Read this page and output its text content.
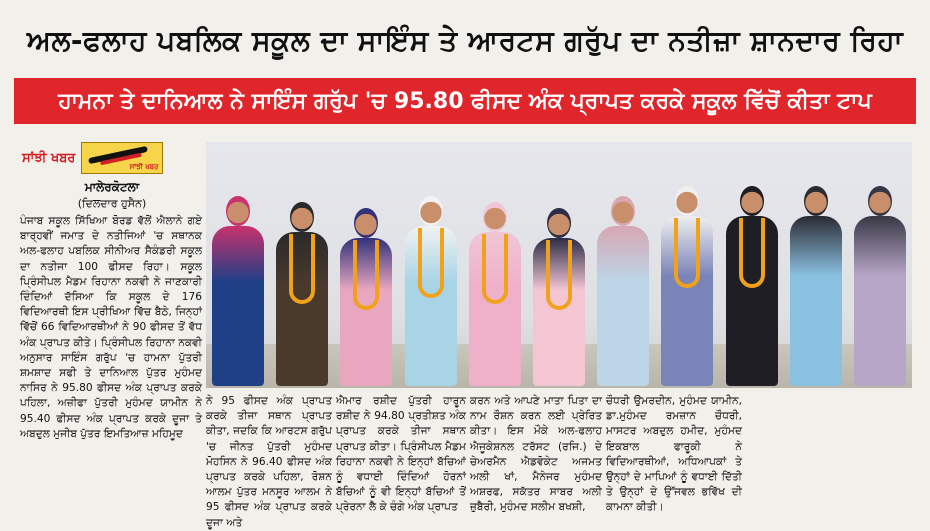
ਅਲ-ਫਲਾਹ ਪਬਲਿਕ ਸਕੂਲ ਦਾ ਸਾਇੰਸ ਤੇ ਆਰਟਸ ਗਰੁੱਪ ਦਾ ਨਤੀਜ਼ਾ ਸ਼ਾਨਦਾਰ ਰਿਹਾ
ਹਾਮਨਾ ਤੇ ਦਾਨਿਆਲ ਨੇ ਸਾਇੰਸ ਗਰੁੱਪ 'ਚ 95.80 ਫੀਸਦ ਅੰਕ ਪ੍ਰਾਪਤ ਕਰਕੇ ਸਕੂਲ ਵਿੱਚੋਂ ਕੀਤਾ ਟਾਪ
ਸਾਂਝੀ ਖਬਰ
ਸਾਂਝੀ ਖਬਰ
ਮਾਲੇਰਕੋਟਲਾ
(ਦਿਲਦਾਰ ਹੁਸੈਨ)
ਪੰਜਾਬ ਸਕੂਲ ਸਿੱਖਿਆ ਬੋਰਡ ਵੱਲੋਂ ਐਲਾਨੇ ਗਏ ਬਾਰ੍ਹਵੀਂ ਜਮਾਤ ਦੇ ਨਤੀਜਿਆਂ 'ਚ ਸਥਾਨਕ ਅਲ-ਫਲਾਹ ਪਬਲਿਕ ਸੀਨੀਅਰ ਸੈਕੰਡਰੀ ਸਕੂਲ ਦਾ ਨਤੀਜਾ 100 ਫੀਸਦ ਰਿਹਾ। ਸਕੂਲ ਪ੍ਰਿੰਸੀਪਲ ਮੈਡਮ ਰਿਹਾਨਾ ਨਕਵੀ ਨੇ ਜਾਣਕਾਰੀ ਦਿੰਦਿਆਂ ਦੱਸਿਆ ਕਿ ਸਕੂਲ ਦੇ 176 ਵਿਦਿਆਰਥੀ ਇਸ ਪ੍ਰੀਖਿਆ ਵਿੱਚ ਬੈਠੇ, ਜਿਨ੍ਹਾਂ ਵਿੱਚੋਂ 66 ਵਿਦਿਆਰਥੀਆਂ ਨੇ 90 ਫੀਸਦ ਤੋਂ ਵੱਧ ਅੰਕ ਪ੍ਰਾਪਤ ਕੀਤੇ। ਪ੍ਰਿੰਸੀਪਲ ਰਿਹਾਨਾ ਨਕਵੀ ਅਨੁਸਾਰ ਸਾਇੰਸ ਗਰੁੱਪ 'ਚ ਹਾਮਨਾ ਪੁੱਤਰੀ ਸ਼ਮਸ਼ਾਦ ਸਫੀ ਤੇ ਦਾਨਿਆਲ ਪੁੱਤਰ ਮੁਹੰਮਦ ਨਾਸਿਰ ਨੇ 95.80 ਫੀਸਦ ਅੰਕ ਪ੍ਰਾਪਤ ਕਰਕੇ ਪਹਿਲਾ, ਅਜ਼ੀਫਾ ਪੁੱਤਰੀ ਮੁਹੰਮਦ ਯਾਮੀਨ ਨੇ 95.40 ਫੀਸਦ ਅੰਕ ਪ੍ਰਾਪਤ ਕਰਕੇ ਦੂਜਾ ਤੇ ਅਬਦੁਲ ਮੁਜੀਬ ਪੁੱਤਰ ਇਮਤਿਆਜ਼ ਮਹਿਮੂਦ
ਨੇ 95 ਫੀਸਦ ਅੰਕ ਪ੍ਰਾਪਤ ਕਰਕੇ ਤੀਜਾ ਸਥਾਨ ਪ੍ਰਾਪਤ ਕੀਤਾ, ਜਦਕਿ ਕਿ ਆਰਟਸ ਗਰੁੱਪ 'ਚ ਜੀਨਤ ਪੁੱਤਰੀ ਮੁਹੰਮਦ ਮੋਹਸਿਨ ਨੇ 96.40 ਫੀਸਦ ਅੰਕ ਪ੍ਰਾਪਤ ਕਰਕੇ ਪਹਿਲਾ, ਰੋਸ਼ਨ ਆਲਮ ਪੁੱਤਰ ਮਨਸੂਰ ਆਲਮ ਨੇ 95 ਫੀਸਦ ਅੰਕ ਪ੍ਰਾਪਤ ਕਰਕੇ ਦੂਜਾ ਅਤੇ
ਐਮਾਰ ਰਸ਼ੀਦ ਪੁੱਤਰੀ ਹਾਰੂਨ ਰਸ਼ੀਦ ਨੇ 94.80 ਪ੍ਰਤੀਸ਼ਤ ਅੰਕ ਪ੍ਰਾਪਤ ਕਰਕੇ ਤੀਜਾ ਸਥਾਨ ਪ੍ਰਾਪਤ ਕੀਤਾ। ਪ੍ਰਿੰਸੀਪਲ ਮੈਡਮ ਰਿਹਾਨਾ ਨਕਵੀ ਨੇ ਇਨ੍ਹਾਂ ਬੱਚਿਆਂ ਨੂੰ ਵਧਾਈ ਦਿੰਦਿਆਂ ਹੋਰਨਾਂ ਬੱਚਿਆਂ ਨੂੰ ਵੀ ਇਨ੍ਹਾਂ ਬੱਚਿਆਂ ਤੋਂ ਪ੍ਰੇਰਨਾ ਲੈ ਕੇ ਚੰਗੇ ਅੰਕ ਪ੍ਰਾਪਤ
ਕਰਨ ਅਤੇ ਆਪਣੇ ਮਾਤਾ ਪਿਤਾ ਦਾ ਨਾਮ ਰੌਸ਼ਨ ਕਰਨ ਲਈ ਪ੍ਰੇਰਿਤ ਕੀਤਾ। ਇਸ ਮੌਕੇ ਅਲ-ਫਲਾਹ ਐਜੂਕੇਸ਼ਨਲ ਟਰੱਸਟ (ਰਜਿ.) ਦੇ ਚੇਅਰਮੈਨ ਐਡਵੋਕੇਟ ਅਜਮਤ ਅਲੀ ਖਾਂ, ਮੈਨੇਜਰ ਮੁਹੰਮਦ ਅਸ਼ਰਫ, ਸਕੱਤਰ ਸਾਬਰ ਅਲੀ ਜ਼ੁਬੈਰੀ, ਮੁਹੰਮਦ ਸਲੀਮ ਬਖਸ਼ੀ,
ਚੌਧਰੀ ਉਮਰਦੀਨ, ਮੁਹੰਮਦ ਯਾਮੀਨ, ਡਾ.ਮੁਹੰਮਦ ਰਮਜ਼ਾਨ ਚੌਧਰੀ, ਮਾਸਟਰ ਅਬਦੁਲ ਹਮੀਦ, ਮੁਹੰਮਦ ਇਕਬਾਲ ਫਾਰੂਕੀ ਨੇ ਵਿਦਿਆਰਥੀਆਂ, ਅਧਿਆਪਕਾਂ ਤੇ ਉਨ੍ਹਾਂ ਦੇ ਮਾਪਿਆਂ ਨੂੰ ਵਧਾਈ ਦਿੱਤੀ ਤੇ ਉਨ੍ਹਾਂ ਦੇ ਉੱਜਵਲ ਭਵਿੱਖ ਦੀ ਕਾਮਨਾ ਕੀਤੀ।
